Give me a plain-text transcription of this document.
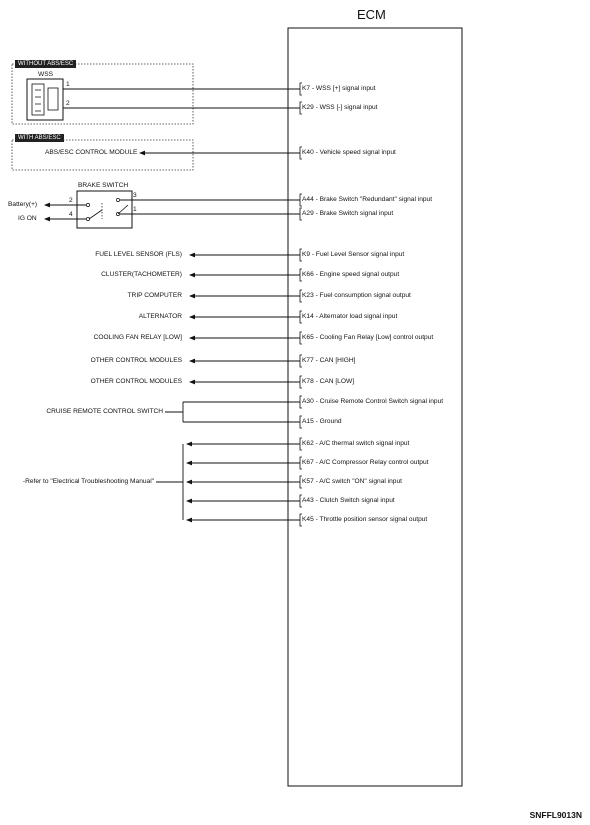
ECM
WITHOUT ABS/ESC
WSS
1
2
WITH ABS/ESC
ABS/ESC CONTROL MODULE
BRAKE SWITCH
Battery(+)
IG ON
2
4
3
1
FUEL LEVEL SENSOR (FLS)
CLUSTER(TACHOMETER)
TRIP COMPUTER
ALTERNATOR
COOLING FAN RELAY [LOW]
OTHER CONTROL MODULES
OTHER CONTROL MODULES
CRUISE REMOTE CONTROL SWITCH
-Refer to "Electrical Troubleshooting Manual"
K7 - WSS [+] signal input
K29 - WSS [-] signal input
K40 - Vehicle speed signal input
A44 - Brake Switch "Redundant" signal input
A29 - Brake Switch signal input
K9 - Fuel Level Sensor signal input
K66 - Engine speed signal output
K23 - Fuel consumption signal output
K14 - Alternator load signal input
K65 - Cooling Fan Relay [Low] control output
K77 - CAN [HIGH]
K78 - CAN [LOW]
A30 - Cruise Remote Control Switch signal input
A15 - Ground
K62 - A/C thermal switch signal input
K67 - A/C Compressor Relay control output
K57 - A/C switch "ON" signal input
A43 - Clutch Switch signal input
K45 - Throttle position sensor signal output
SNFFL9013N
